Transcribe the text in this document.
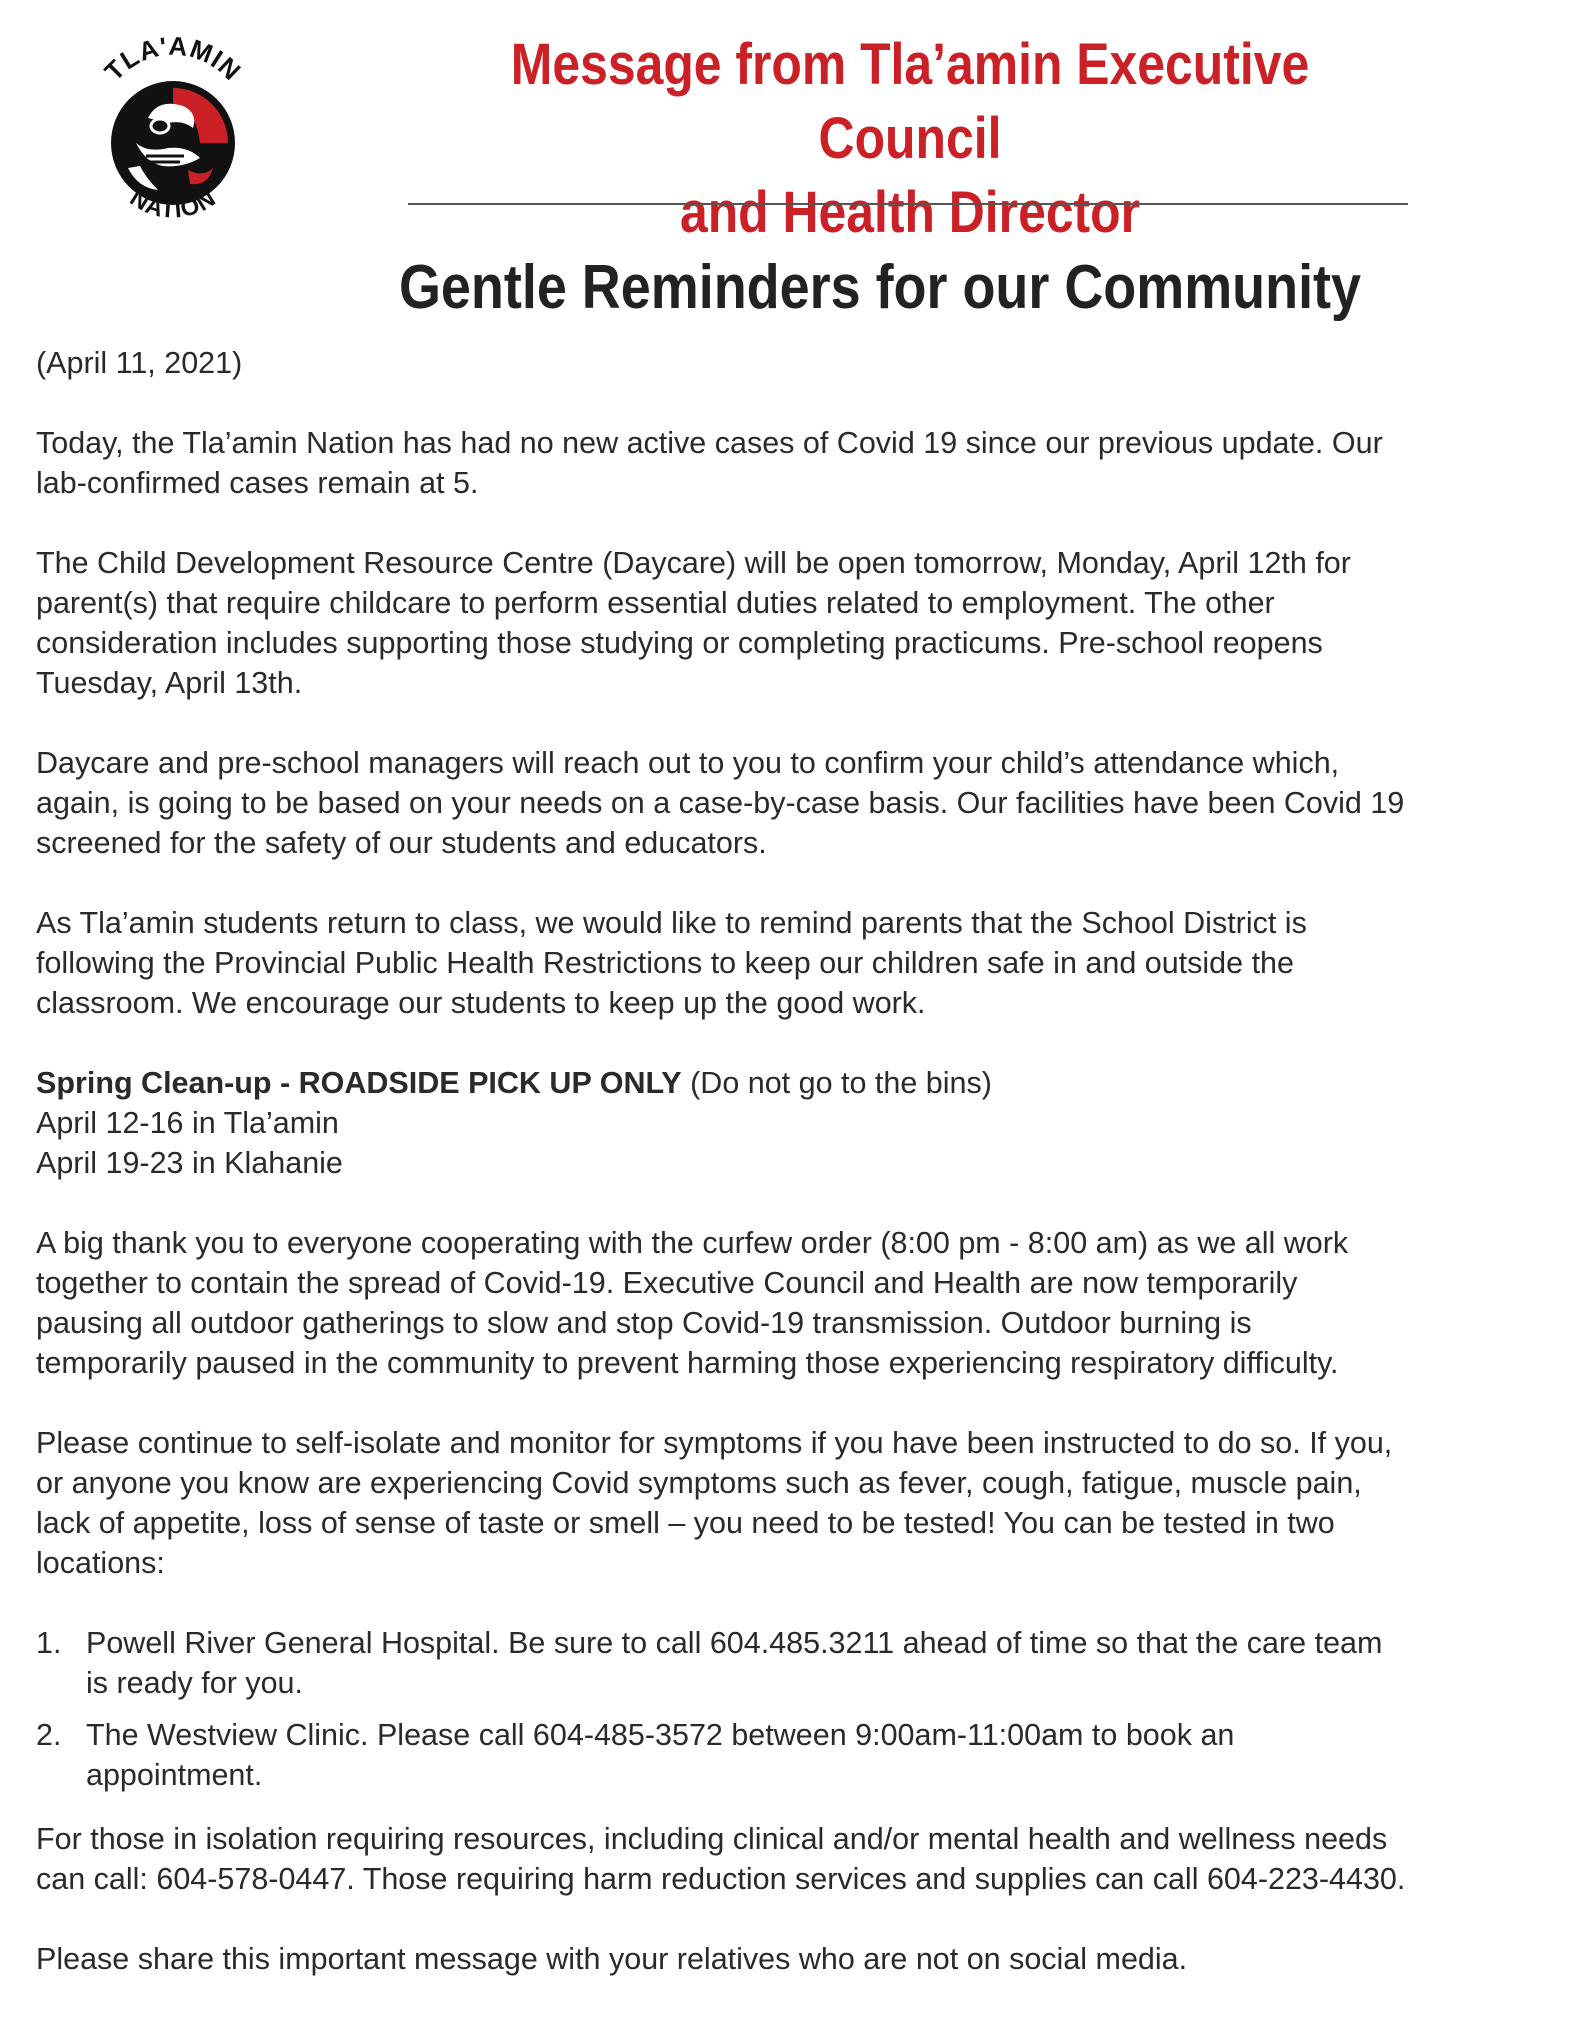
TLA'AMIN
NATION
Message from Tla’amin Executive Council
and Health Director
Gentle Reminders for our Community

(April 11, 2021)

Today, the Tla’amin Nation has had no new active cases of Covid 19 since our previous update. Our
lab-confirmed cases remain at 5.

The Child Development Resource Centre (Daycare) will be open tomorrow, Monday, April 12th for
parent(s) that require childcare to perform essential duties related to employment. The other
consideration includes supporting those studying or completing practicums. Pre-school reopens
Tuesday, April 13th.

Daycare and pre-school managers will reach out to you to confirm your child’s attendance which,
again, is going to be based on your needs on a case-by-case basis. Our facilities have been Covid 19
screened for the safety of our students and educators.

As Tla’amin students return to class, we would like to remind parents that the School District is
following the Provincial Public Health Restrictions to keep our children safe in and outside the
classroom. We encourage our students to keep up the good work.

Spring Clean-up - ROADSIDE PICK UP ONLY (Do not go to the bins)
April 12-16 in Tla’amin
April 19-23 in Klahanie

A big thank you to everyone cooperating with the curfew order (8:00 pm - 8:00 am) as we all work
together to contain the spread of Covid-19. Executive Council and Health are now temporarily
pausing all outdoor gatherings to slow and stop Covid-19 transmission. Outdoor burning is
temporarily paused in the community to prevent harming those experiencing respiratory difficulty.

Please continue to self-isolate and monitor for symptoms if you have been instructed to do so. If you,
or anyone you know are experiencing Covid symptoms such as fever, cough, fatigue, muscle pain,
lack of appetite, loss of sense of taste or smell – you need to be tested! You can be tested in two
locations:

1. Powell River General Hospital. Be sure to call 604.485.3211 ahead of time so that the care team
is ready for you.
2. The Westview Clinic. Please call 604-485-3572 between 9:00am-11:00am to book an
appointment.

For those in isolation requiring resources, including clinical and/or mental health and wellness needs
can call: 604-578-0447. Those requiring harm reduction services and supplies can call 604-223-4430.

Please share this important message with your relatives who are not on social media.
